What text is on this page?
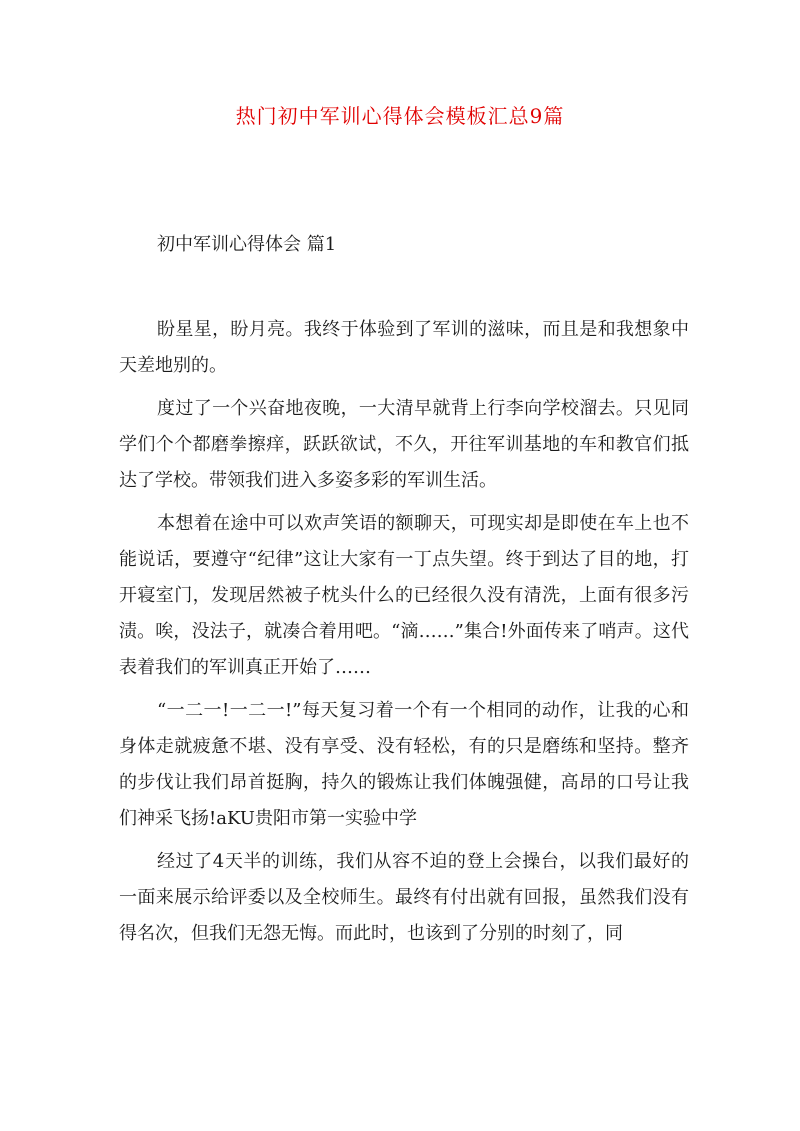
热门初中军训心得体会模板汇总9篇
初中军训心得体会 篇1

盼星星，盼月亮。我终于体验到了军训的滋味，而且是和我想象中天差地别的。

度过了一个兴奋地夜晚，一大清早就背上行李向学校溜去。只见同学们个个都磨拳擦痒，跃跃欲试，不久，开往军训基地的车和教官们抵达了学校。带领我们进入多姿多彩的军训生活。

本想着在途中可以欢声笑语的额聊天，可现实却是即使在车上也不能说话，要遵守“纪律”这让大家有一丁点失望。终于到达了目的地，打开寝室门，发现居然被子枕头什么的已经很久没有清洗，上面有很多污渍。唉，没法子，就凑合着用吧。“滴……”集合!外面传来了哨声。这代表着我们的军训真正开始了……

“一二一!一二一!”每天复习着一个有一个相同的动作，让我的心和身体走就疲惫不堪、没有享受、没有轻松，有的只是磨练和坚持。整齐的步伐让我们昂首挺胸，持久的锻炼让我们体魄强健，高昂的口号让我们神采飞扬!aKU贵阳市第一实验中学

经过了4天半的训练，我们从容不迫的登上会操台，以我们最好的一面来展示给评委以及全校师生。最终有付出就有回报，虽然我们没有得名次，但我们无怨无悔。而此时，也该到了分别的时刻了，同
